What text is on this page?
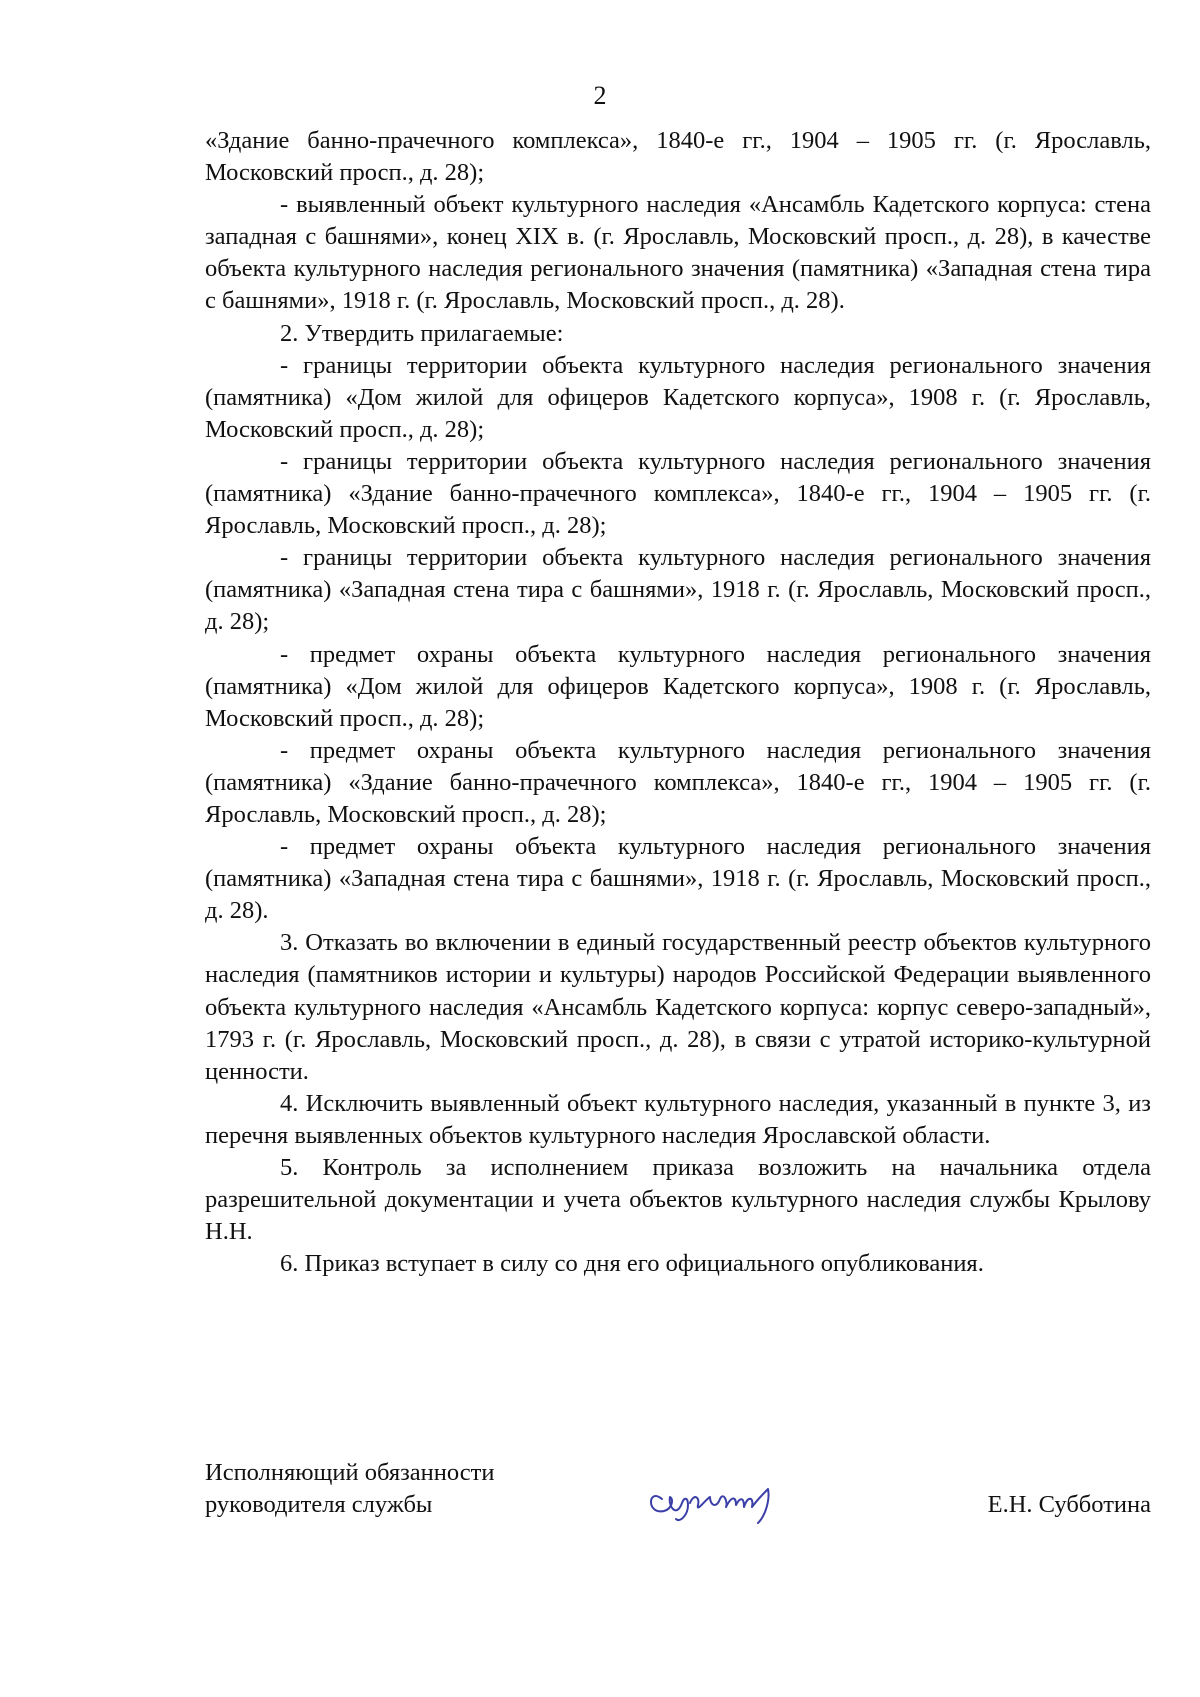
2

«Здание банно-прачечного комплекса», 1840-е гг., 1904 – 1905 гг. (г. Ярославль, Московский просп., д. 28);

- выявленный объект культурного наследия «Ансамбль Кадетского корпуса: стена западная с башнями», конец XIX в. (г. Ярославль, Московский просп., д. 28), в качестве объекта культурного наследия регионального значения (памятника) «Западная стена тира с башнями», 1918 г. (г. Ярославль, Московский просп., д. 28).

2. Утвердить прилагаемые:

- границы территории объекта культурного наследия регионального значения (памятника) «Дом жилой для офицеров Кадетского корпуса», 1908 г. (г. Ярославль, Московский просп., д. 28);

- границы территории объекта культурного наследия регионального значения (памятника) «Здание банно-прачечного комплекса», 1840-е гг., 1904 – 1905 гг. (г. Ярославль, Московский просп., д. 28);

- границы территории объекта культурного наследия регионального значения (памятника) «Западная стена тира с башнями», 1918 г. (г. Ярославль, Московский просп., д. 28);

- предмет охраны объекта культурного наследия регионального значения (памятника) «Дом жилой для офицеров Кадетского корпуса», 1908 г. (г. Ярославль, Московский просп., д. 28);

- предмет охраны объекта культурного наследия регионального значения (памятника) «Здание банно-прачечного комплекса», 1840-е гг., 1904 – 1905 гг. (г. Ярославль, Московский просп., д. 28);

- предмет охраны объекта культурного наследия регионального значения (памятника) «Западная стена тира с башнями», 1918 г. (г. Ярославль, Московский просп., д. 28).

3. Отказать во включении в единый государственный реестр объектов культурного наследия (памятников истории и культуры) народов Российской Федерации выявленного объекта культурного наследия «Ансамбль Кадетского корпуса: корпус северо-западный», 1793 г. (г. Ярославль, Московский просп., д. 28), в связи с утратой историко-культурной ценности.

4. Исключить выявленный объект культурного наследия, указанный в пункте 3, из перечня выявленных объектов культурного наследия Ярославской области.

5. Контроль за исполнением приказа возложить на начальника отдела разрешительной документации и учета объектов культурного наследия службы Крылову Н.Н.

6. Приказ вступает в силу со дня его официального опубликования.

Исполняющий обязанности
руководителя службы	Е.Н. Субботина
